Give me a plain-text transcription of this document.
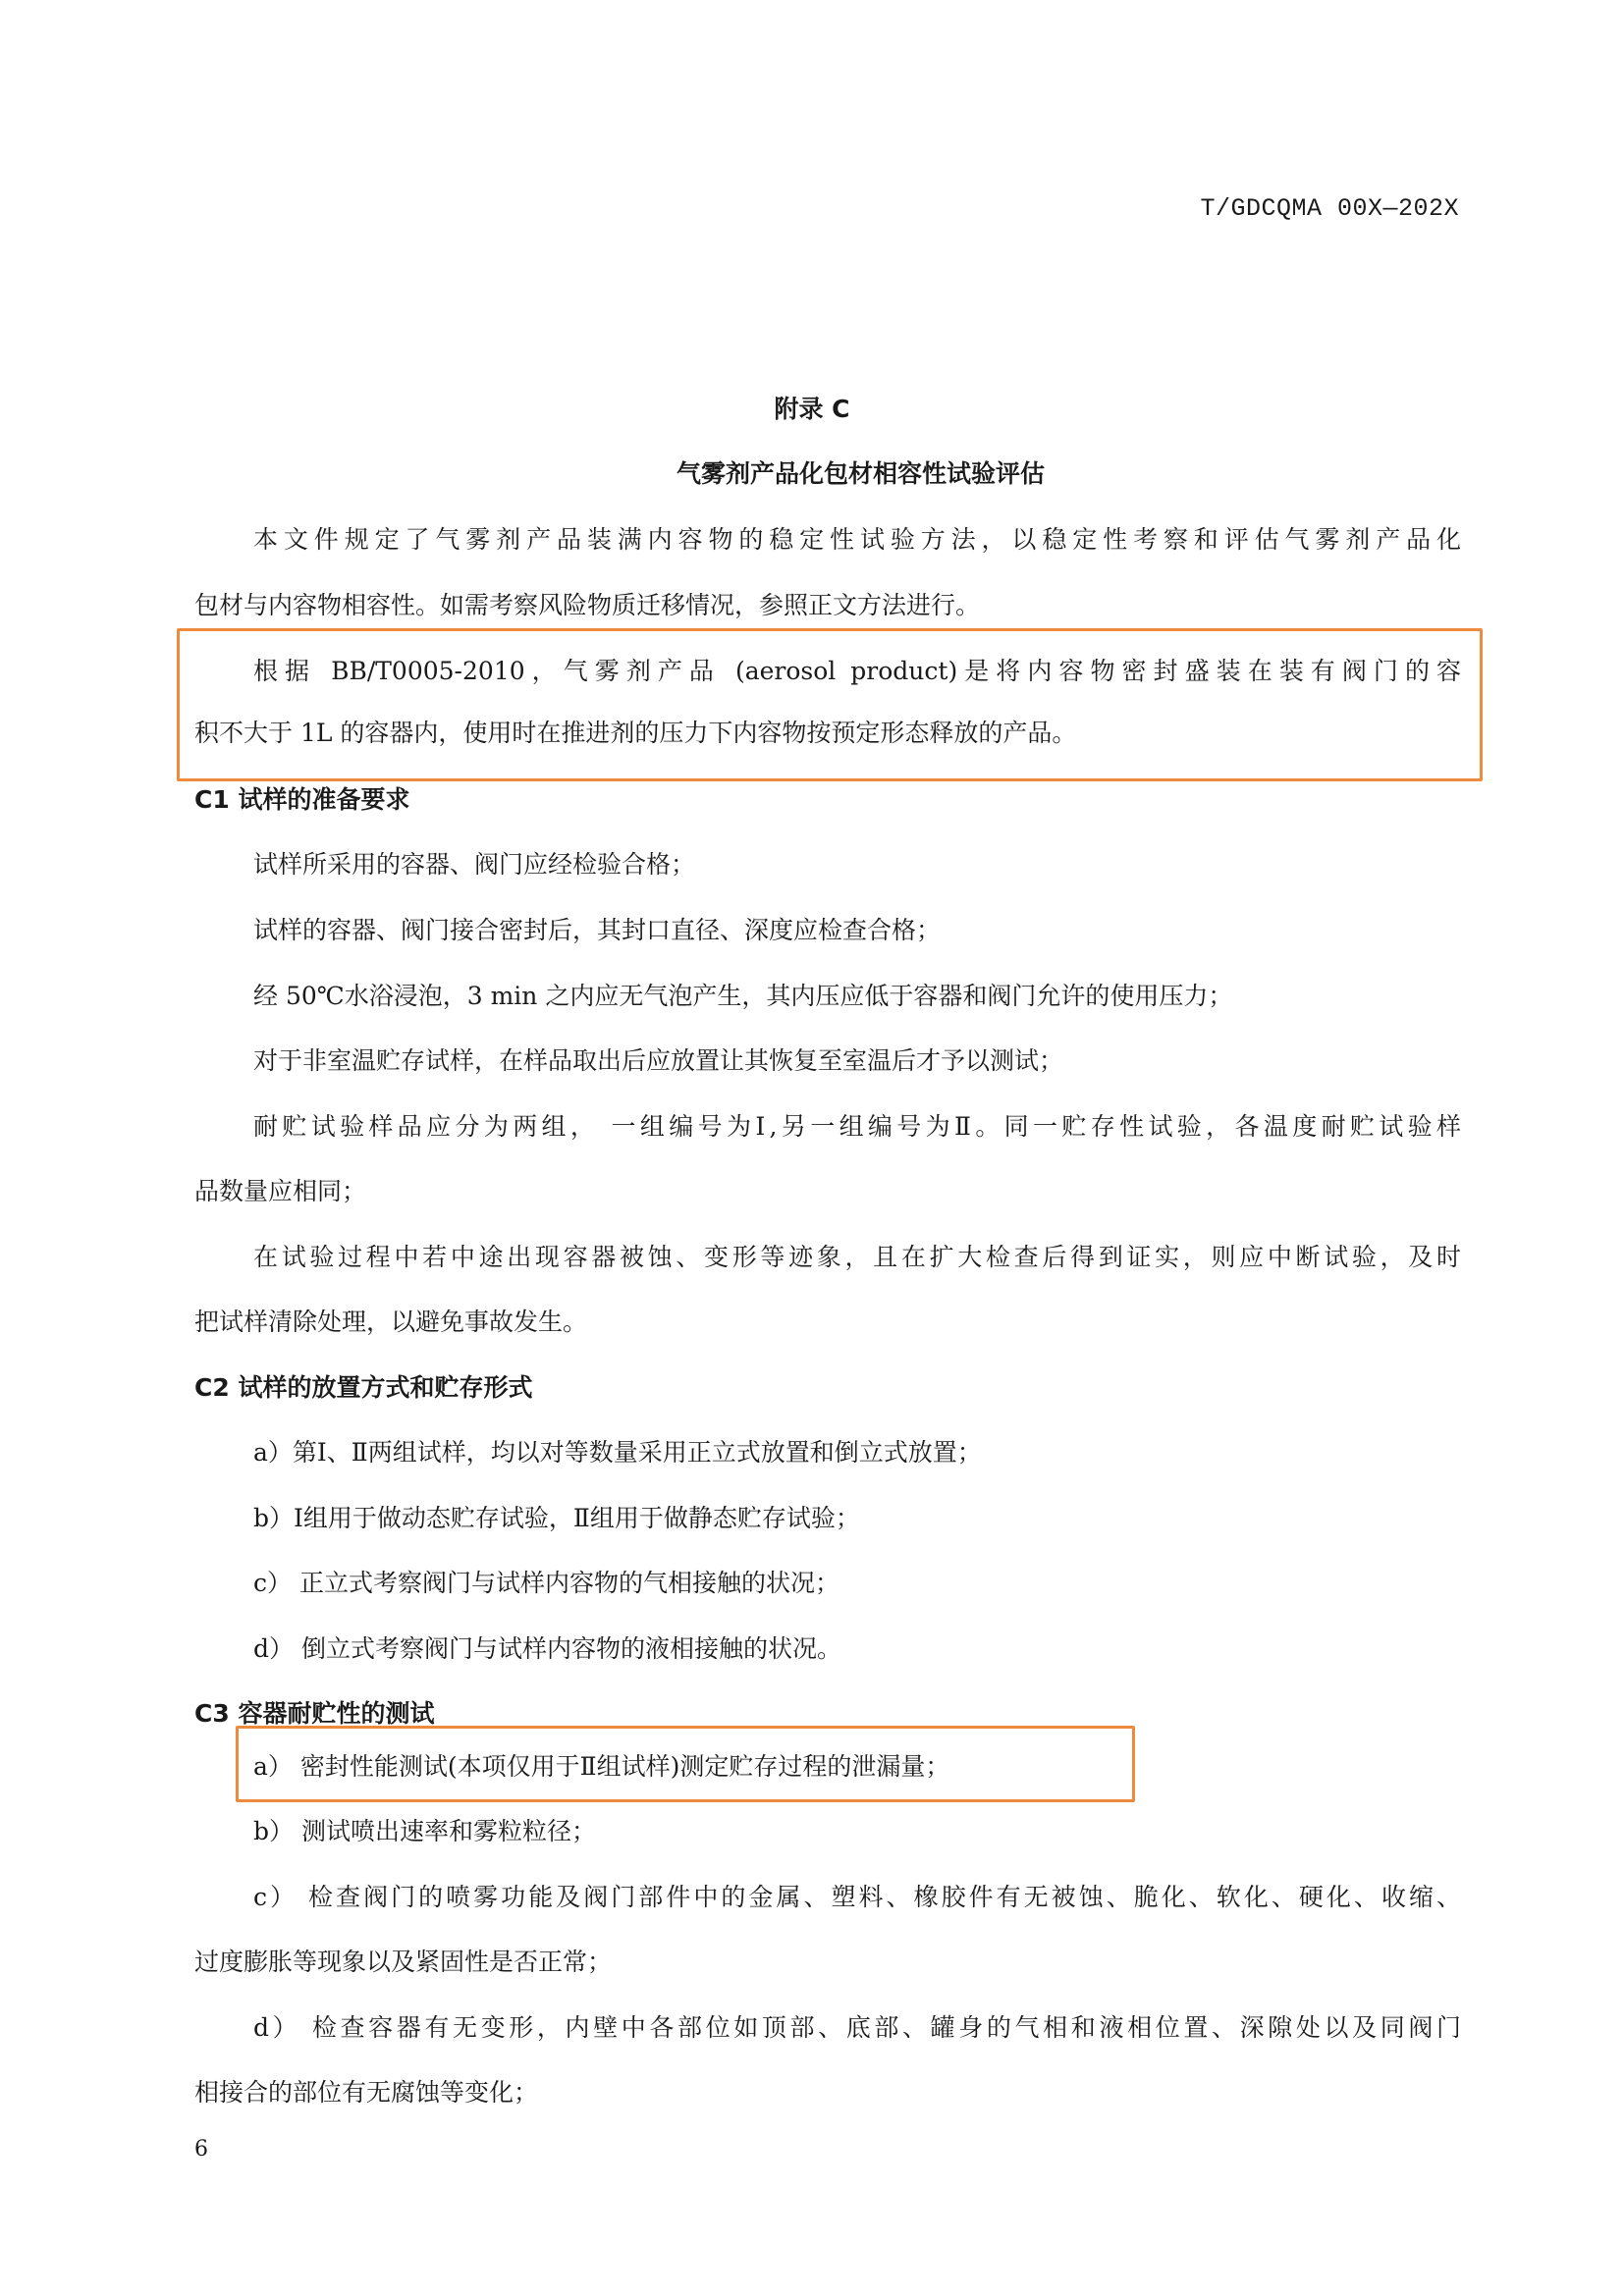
T/GDCQMA 00X—202X
附录 C
气雾剂产品化包材相容性试验评估
本文件规定了气雾剂产品装满内容物的稳定性试验方法，以稳定性考察和评估气雾剂产品化
包材与内容物相容性。如需考察风险物质迁移情况，参照正文方法进行。
根据 BB/T0005-2010，气雾剂产品 (aerosol product)是将内容物密封盛装在装有阀门的容
积不大于 1L 的容器内，使用时在推进剂的压力下内容物按预定形态释放的产品。
C1 试样的准备要求
试样所采用的容器、阀门应经检验合格；
试样的容器、阀门接合密封后，其封口直径、深度应检查合格；
经 50℃水浴浸泡，3 min 之内应无气泡产生，其内压应低于容器和阀门允许的使用压力；
对于非室温贮存试样，在样品取出后应放置让其恢复至室温后才予以测试；
耐贮试验样品应分为两组， 一组编号为Ⅰ,另一组编号为Ⅱ。同一贮存性试验，各温度耐贮试验样
品数量应相同；
在试验过程中若中途出现容器被蚀、变形等迹象，且在扩大检查后得到证实，则应中断试验，及时
把试样清除处理，以避免事故发生。
C2 试样的放置方式和贮存形式
a）第Ⅰ、Ⅱ两组试样，均以对等数量采用正立式放置和倒立式放置；
b）Ⅰ组用于做动态贮存试验，Ⅱ组用于做静态贮存试验；
c） 正立式考察阀门与试样内容物的气相接触的状况；
d） 倒立式考察阀门与试样内容物的液相接触的状况。
C3 容器耐贮性的测试
a） 密封性能测试(本项仅用于Ⅱ组试样)测定贮存过程的泄漏量；
b） 测试喷出速率和雾粒粒径；
c） 检查阀门的喷雾功能及阀门部件中的金属、塑料、橡胶件有无被蚀、脆化、软化、硬化、收缩、
过度膨胀等现象以及紧固性是否正常；
d） 检查容器有无变形，内壁中各部位如顶部、底部、罐身的气相和液相位置、深隙处以及同阀门
相接合的部位有无腐蚀等变化；
6
